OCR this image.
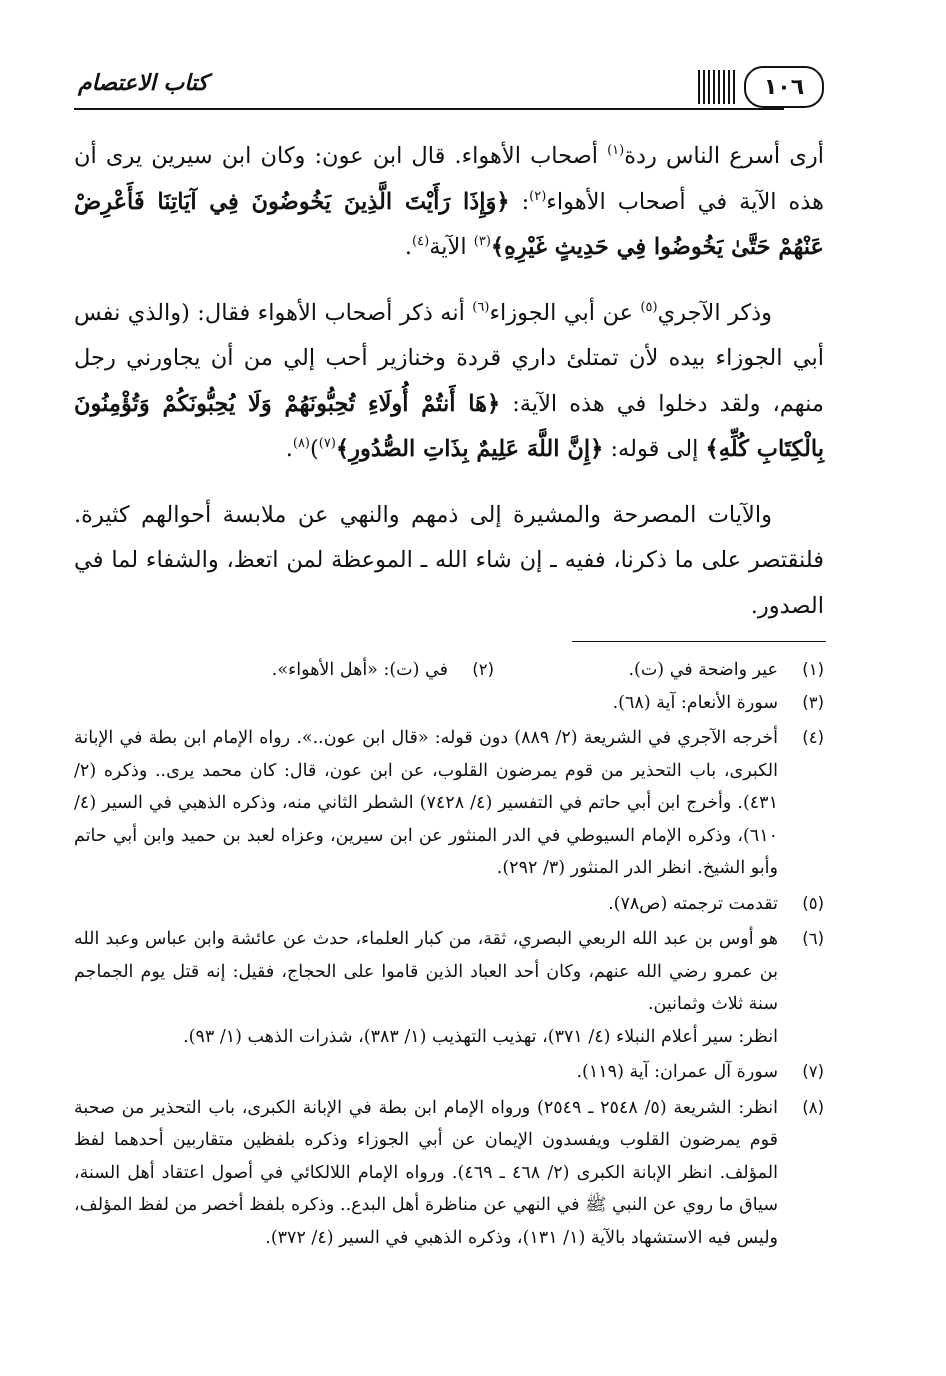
١٠٦
كتاب الاعتصام

أرى أسرع الناس ردة$^{(١)}$ أصحاب الأهواء. قال ابن عون: وكان ابن سيرين يرى أن هذه الآية في أصحاب الأهواء$^{(٢)}$: ﴿وَإِذَا رَأَيْتَ الَّذِينَ يَخُوضُونَ فِي آيَاتِنَا فَأَعْرِضْ عَنْهُمْ حَتَّىٰ يَخُوضُوا فِي حَدِيثٍ غَيْرِهِ﴾$^{(٣)}$ الآية$^{(٤)}$.

وذكر الآجري$^{(٥)}$ عن أبي الجوزاء$^{(٦)}$ أنه ذكر أصحاب الأهواء فقال: (والذي نفس أبي الجوزاء بيده لأن تمتلئ داري قردة وخنازير أحب إلي من أن يجاورني رجل منهم، ولقد دخلوا في هذه الآية: ﴿هَا أَنتُمْ أُولَاءِ تُحِبُّونَهُمْ وَلَا يُحِبُّونَكُمْ وَتُؤْمِنُونَ بِالْكِتَابِ كُلِّهِ﴾ إلى قوله: ﴿إِنَّ اللَّهَ عَلِيمٌ بِذَاتِ الصُّدُورِ﴾$^{(٧)}$)$^{(٨)}$.

والآيات المصرحة والمشيرة إلى ذمهم والنهي عن ملابسة أحوالهم كثيرة. فلنقتصر على ما ذكرنا، ففيه ـ إن شاء الله ـ الموعظة لمن اتعظ، والشفاء لما في الصدور.

(١)
عير واضحة في (ت).
(٢)
في (ت): «أهل الأهواء».
(٣)
سورة الأنعام: آية (٦٨).
(٤)
أخرجه الآجري في الشريعة (٢/ ٨٨٩) دون قوله: «قال ابن عون..». رواه الإمام ابن بطة في الإبانة الكبرى، باب التحذير من قوم يمرضون القلوب، عن ابن عون، قال: كان محمد يرى.. وذكره (٢/ ٤٣١). وأخرج ابن أبي حاتم في التفسير (٤/ ٧٤٢٨) الشطر الثاني منه، وذكره الذهبي في السير (٤/ ٦١٠)، وذكره الإمام السيوطي في الدر المنثور عن ابن سيرين، وعزاه لعبد بن حميد وابن أبي حاتم وأبو الشيخ. انظر الدر المنثور (٣/ ٢٩٢).
(٥)
تقدمت ترجمته (ص٧٨).
(٦)
هو أوس بن عبد الله الربعي البصري، ثقة، من كبار العلماء، حدث عن عائشة وابن عباس وعبد الله بن عمرو رضي الله عنهم، وكان أحد العباد الذين قاموا على الحجاج، فقيل: إنه قتل يوم الجماجم سنة ثلاث وثمانين.
انظر: سير أعلام النبلاء (٤/ ٣٧١)، تهذيب التهذيب (١/ ٣٨٣)، شذرات الذهب (١/ ٩٣).
(٧)
سورة آل عمران: آية (١١٩).
(٨)
انظر: الشريعة (٥/ ٢٥٤٨ ـ ٢٥٤٩) ورواه الإمام ابن بطة في الإبانة الكبرى، باب التحذير من صحبة قوم يمرضون القلوب ويفسدون الإيمان عن أبي الجوزاء وذكره بلفظين متقاربين أحدهما لفظ المؤلف. انظر الإبانة الكبرى (٢/ ٤٦٨ ـ ٤٦٩). ورواه الإمام اللالكائي في أصول اعتقاد أهل السنة، سياق ما روي عن النبي ﷺ في النهي عن مناظرة أهل البدع.. وذكره بلفظ أخصر من لفظ المؤلف، وليس فيه الاستشهاد بالآية (١/ ١٣١)، وذكره الذهبي في السير (٤/ ٣٧٢).
